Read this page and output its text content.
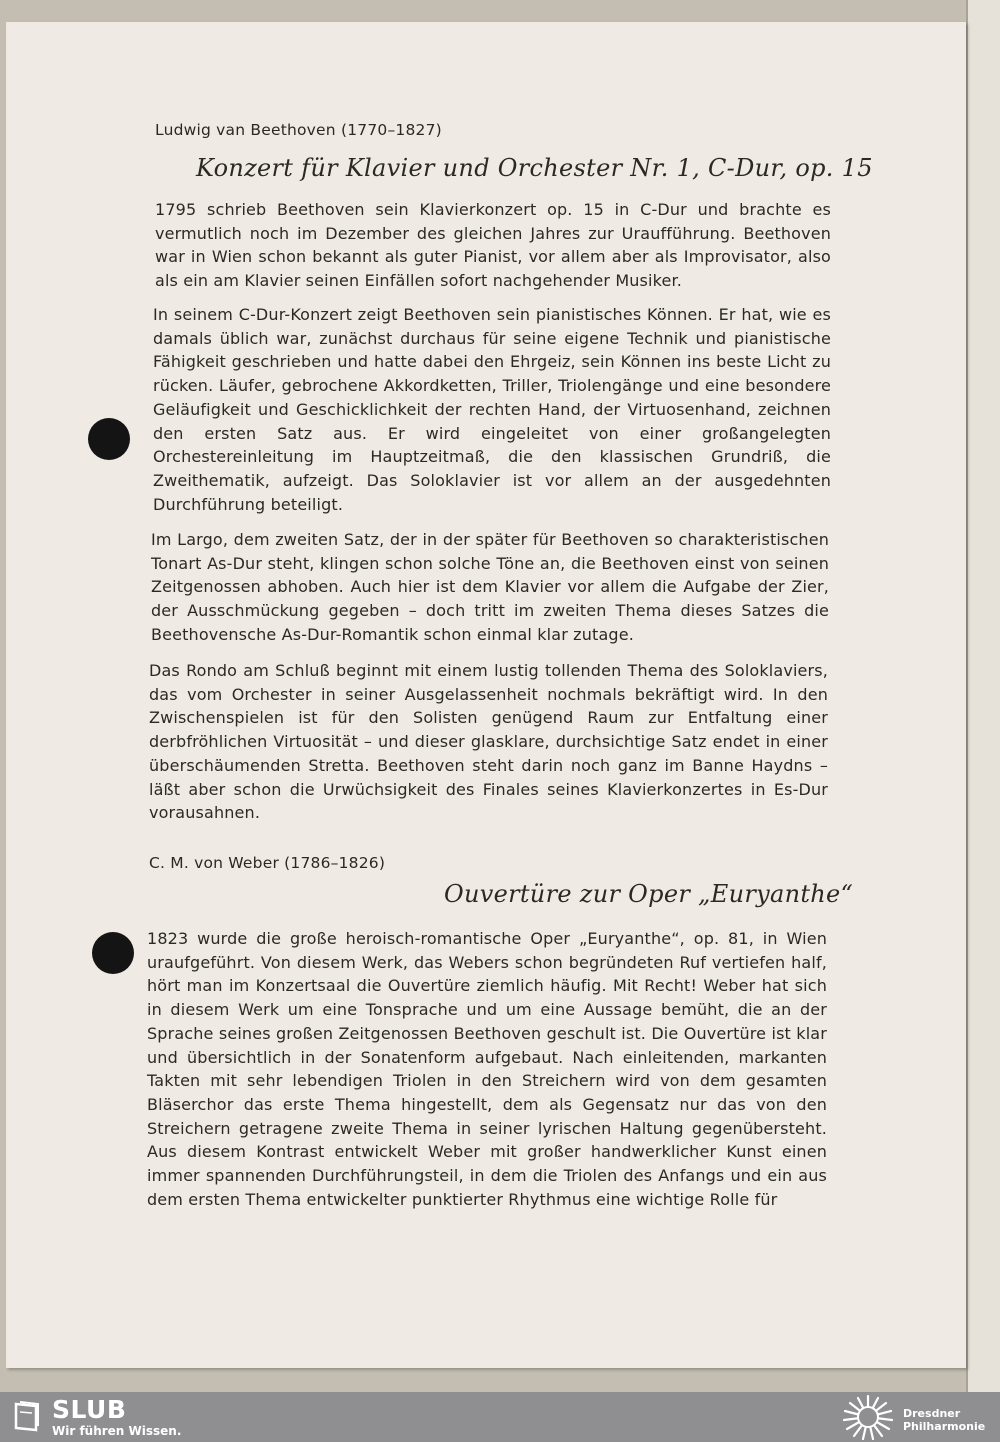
Ludwig van Beethoven (1770–1827)
Konzert für Klavier und Orchester Nr. 1, C-Dur, op. 15
1795 schrieb Beethoven sein Klavierkonzert op. 15 in C-Dur und brachte es vermutlich noch im Dezember des gleichen Jahres zur Uraufführung. Beethoven war in Wien schon bekannt als guter Pianist, vor allem aber als Improvisator, also als ein am Klavier seinen Einfällen sofort nachgehender Musiker.
In seinem C-Dur-Konzert zeigt Beethoven sein pianistisches Können. Er hat, wie es damals üblich war, zunächst durchaus für seine eigene Technik und pianistische Fähigkeit geschrieben und hatte dabei den Ehrgeiz, sein Können ins beste Licht zu rücken. Läufer, gebrochene Akkordketten, Triller, Triolengänge und eine besondere Geläufigkeit und Geschicklichkeit der rechten Hand, der Virtuosenhand, zeichnen den ersten Satz aus. Er wird eingeleitet von einer großangelegten Orchestereinleitung im Hauptzeitmaß, die den klassischen Grundriß, die Zweithematik, aufzeigt. Das Soloklavier ist vor allem an der ausgedehnten Durchführung beteiligt.
Im Largo, dem zweiten Satz, der in der später für Beethoven so charakteristischen Tonart As-Dur steht, klingen schon solche Töne an, die Beethoven einst von seinen Zeitgenossen abhoben. Auch hier ist dem Klavier vor allem die Aufgabe der Zier, der Ausschmückung gegeben – doch tritt im zweiten Thema dieses Satzes die Beethovensche As-Dur-Romantik schon einmal klar zutage.
Das Rondo am Schluß beginnt mit einem lustig tollenden Thema des Soloklaviers, das vom Orchester in seiner Ausgelassenheit nochmals bekräftigt wird. In den Zwischenspielen ist für den Solisten genügend Raum zur Entfaltung einer derbfröhlichen Virtuosität – und dieser glasklare, durchsichtige Satz endet in einer überschäumenden Stretta. Beethoven steht darin noch ganz im Banne Haydns – läßt aber schon die Urwüchsigkeit des Finales seines Klavierkonzertes in Es-Dur vorausahnen.
C. M. von Weber (1786–1826)
Ouvertüre zur Oper „Euryanthe“
1823 wurde die große heroisch-romantische Oper „Euryanthe“, op. 81, in Wien uraufgeführt. Von diesem Werk, das Webers schon begründeten Ruf vertiefen half, hört man im Konzertsaal die Ouvertüre ziemlich häufig. Mit Recht! Weber hat sich in diesem Werk um eine Tonsprache und um eine Aussage bemüht, die an der Sprache seines großen Zeitgenossen Beethoven geschult ist. Die Ouvertüre ist klar und übersichtlich in der Sonatenform aufgebaut. Nach einleitenden, markanten Takten mit sehr lebendigen Triolen in den Streichern wird von dem gesamten Bläserchor das erste Thema hingestellt, dem als Gegensatz nur das von den Streichern getragene zweite Thema in seiner lyrischen Haltung gegenübersteht. Aus diesem Kontrast entwickelt Weber mit großer handwerklicher Kunst einen immer spannenden Durchführungsteil, in dem die Triolen des Anfangs und ein aus dem ersten Thema entwickelter punktierter Rhythmus eine wichtige Rolle für
SLUB
Wir führen Wissen.
Dresdner
Philharmonie
